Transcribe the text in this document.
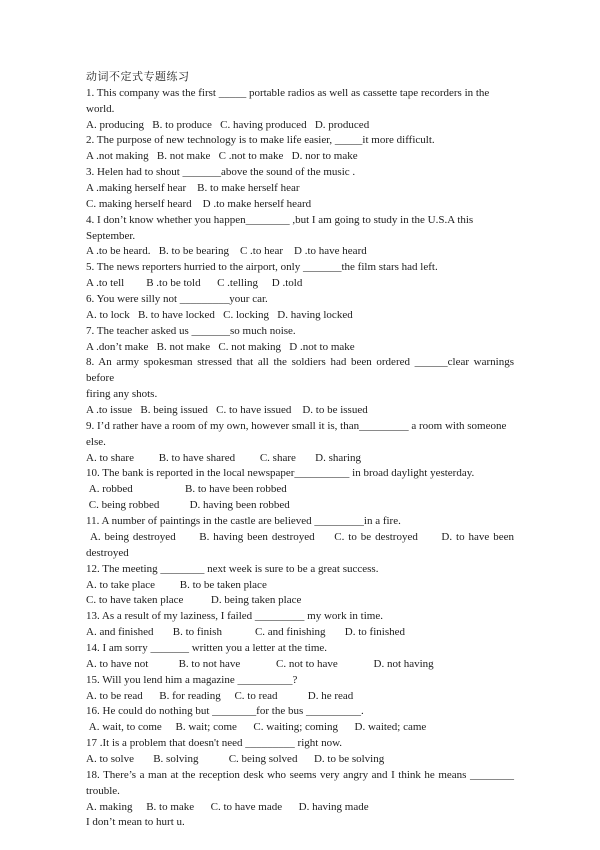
动词不定式专题练习
1. This company was the first _____ portable radios as well as cassette tape recorders in the world.
A. producing   B. to produce   C. having produced   D. produced
2. The purpose of new technology is to make life easier, _____it more difficult.
A .not making   B. not make   C .not to make   D. nor to make
3. Helen had to shout _______above the sound of the music .
A .making herself hear    B. to make herself hear
C. making herself heard    D .to make herself heard
4. I don’t know whether you happen________ ,but I am going to study in the U.S.A this September.
A .to be heard.   B. to be bearing    C .to hear    D .to have heard
5. The news reporters hurried to the airport, only _______the film stars had left.
A .to tell        B .to be told      C .telling     D .told
6. You were silly not _________your car.
A. to lock   B. to have locked   C. locking   D. having locked
7. The teacher asked us _______so much noise.
A .don’t make   B. not make   C. not making   D .not to make
8. An army spokesman stressed that all the soldiers had been ordered ______clear warnings before
firing any shots.
A .to issue   B. being issued   C. to have issued    D. to be issued
9. I’d rather have a room of my own, however small it is, than_________ a room with someone else.
A. to share         B. to have shared         C. share       D. sharing
10. The bank is reported in the local newspaper__________ in broad daylight yesterday.
A. robbed                   B. to have been robbed
C. being robbed           D. having been robbed
11. A number of paintings in the castle are believed _________in a fire.
A. being destroyed      B. having been destroyed     C. to be destroyed      D. to have been
destroyed
12. The meeting ________ next week is sure to be a great success.
A. to take place         B. to be taken place
C. to have taken place          D. being taken place
13. As a result of my laziness, I failed _________ my work in time.
A. and finished       B. to finish            C. and finishing       D. to finished
14. I am sorry _______ written you a letter at the time.
A. to have not           B. to not have             C. not to have             D. not having
15. Will you lend him a magazine __________?
A. to be read      B. for reading     C. to read           D. he read
16. He could do nothing but ________for the bus __________.
A. wait, to come     B. wait; come      C. waiting; coming      D. waited; came
17 .It is a problem that doesn't need _________ right now.
A. to solve       B. solving           C. being solved      D. to be solving
18. There’s a man at the reception desk who seems very angry and I think he means ________
trouble.
A. making     B. to make      C. to have made      D. having made
I don’t mean to hurt u.
